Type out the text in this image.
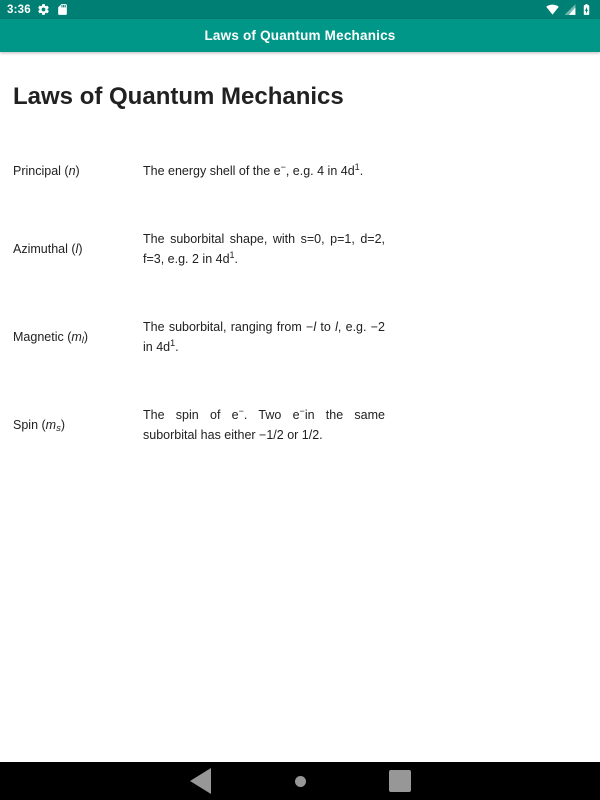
3:36
Laws of Quantum Mechanics
Laws of Quantum Mechanics
Principal ( n )	The energy shell of the e−, e.g. 4 in $4d^1$.
Azimuthal ( l )
The suborbital shape, with s=0, p=1, d=2, f=3, e.g. 2 in $4d^1$.
Magnetic ( $m_l$ )
The suborbital, ranging from −l to l, e.g. −2 in $4d^1$.
Spin ( $m_s$ )
The spin of e−. Two e−in the same suborbital has either −1/2 or 1/2.
